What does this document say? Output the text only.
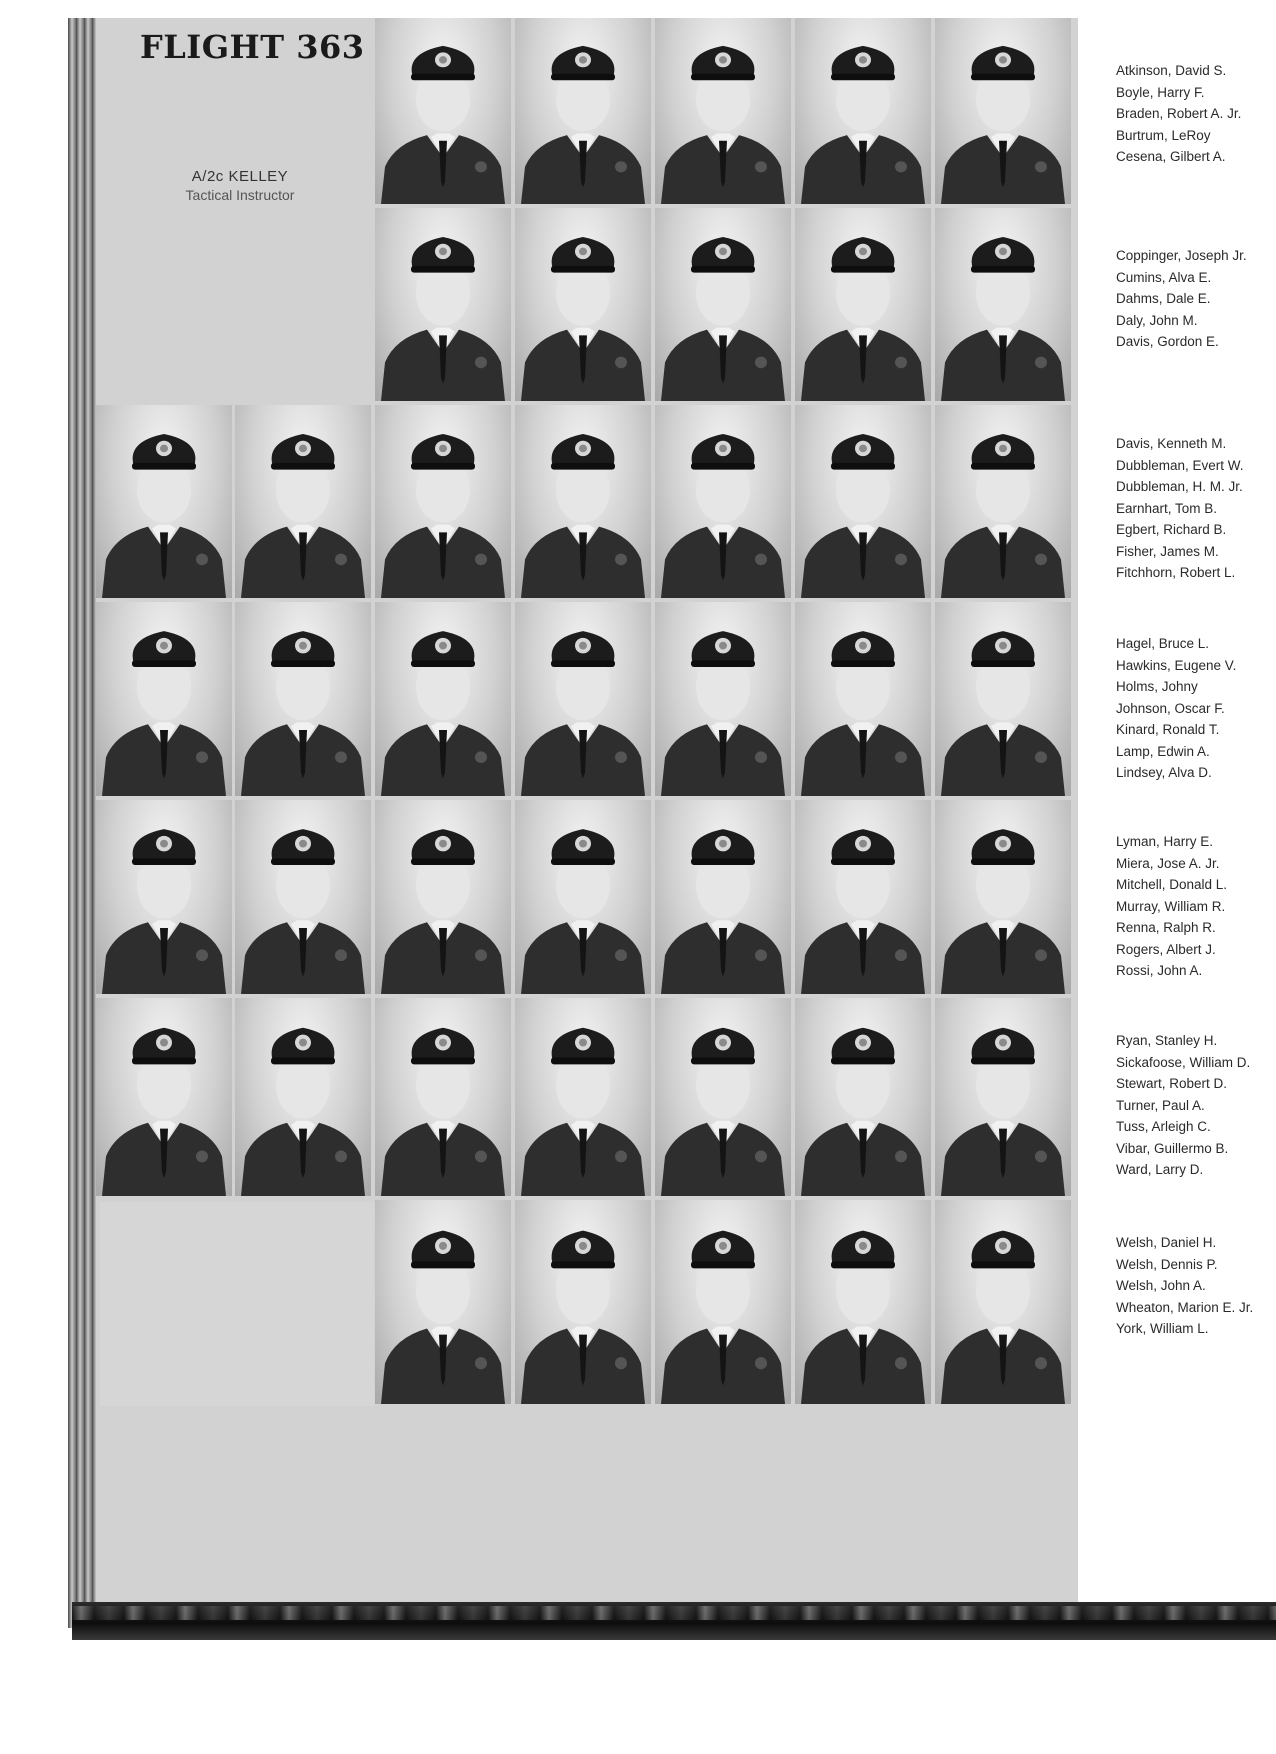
FLIGHT 363
A/2c KELLEY
Tactical Instructor
Atkinson, David S.
Boyle, Harry F.
Braden, Robert A. Jr.
Burtrum, LeRoy
Cesena, Gilbert A.
Coppinger, Joseph Jr.
Cumins, Alva E.
Dahms, Dale E.
Daly, John M.
Davis, Gordon E.
Davis, Kenneth M.
Dubbleman, Evert W.
Dubbleman, H. M. Jr.
Earnhart, Tom B.
Egbert, Richard B.
Fisher, James M.
Fitchhorn, Robert L.
Hagel, Bruce L.
Hawkins, Eugene V.
Holms, Johny
Johnson, Oscar F.
Kinard, Ronald T.
Lamp, Edwin A.
Lindsey, Alva D.
Lyman, Harry E.
Miera, Jose A. Jr.
Mitchell, Donald L.
Murray, William R.
Renna, Ralph R.
Rogers, Albert J.
Rossi, John A.
Ryan, Stanley H.
Sickafoose, William D.
Stewart, Robert D.
Turner, Paul A.
Tuss, Arleigh C.
Vibar, Guillermo B.
Ward, Larry D.
Welsh, Daniel H.
Welsh, Dennis P.
Welsh, John A.
Wheaton, Marion E. Jr.
York, William L.
